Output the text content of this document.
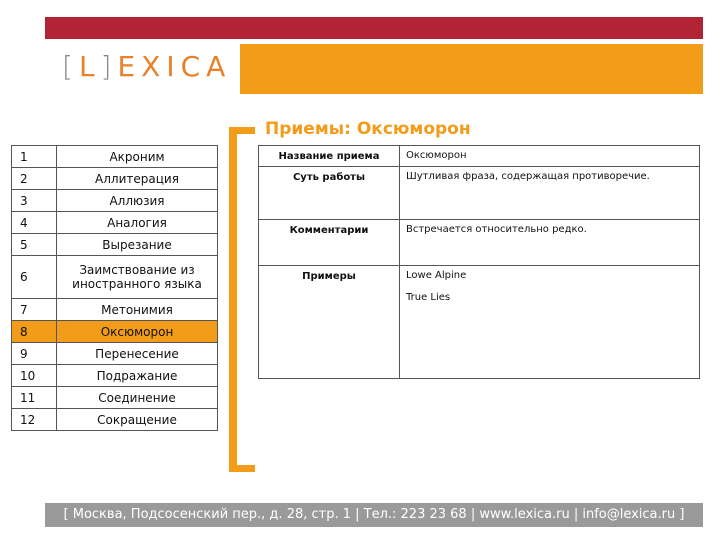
[L]EXICA
Приемы: Оксюморон
1	Акроним
2	Аллитерация
3	Аллюзия
4	Аналогия
5	Вырезание
6	Заимствование из иностранного языка
7	Метонимия
8	Оксюморон
9	Перенесение
10	Подражание
11	Соединение
12	Сокращение
Название приема	Оксюморон
Суть работы	Шутливая фраза, содержащая противоречие.
Комментарии	Встречается относительно редко.
Примеры	Lowe Alpine
True Lies
[ Москва, Подсосенский пер., д. 28, стр. 1 | Тел.: 223 23 68 | www.lexica.ru | info@lexica.ru ]
